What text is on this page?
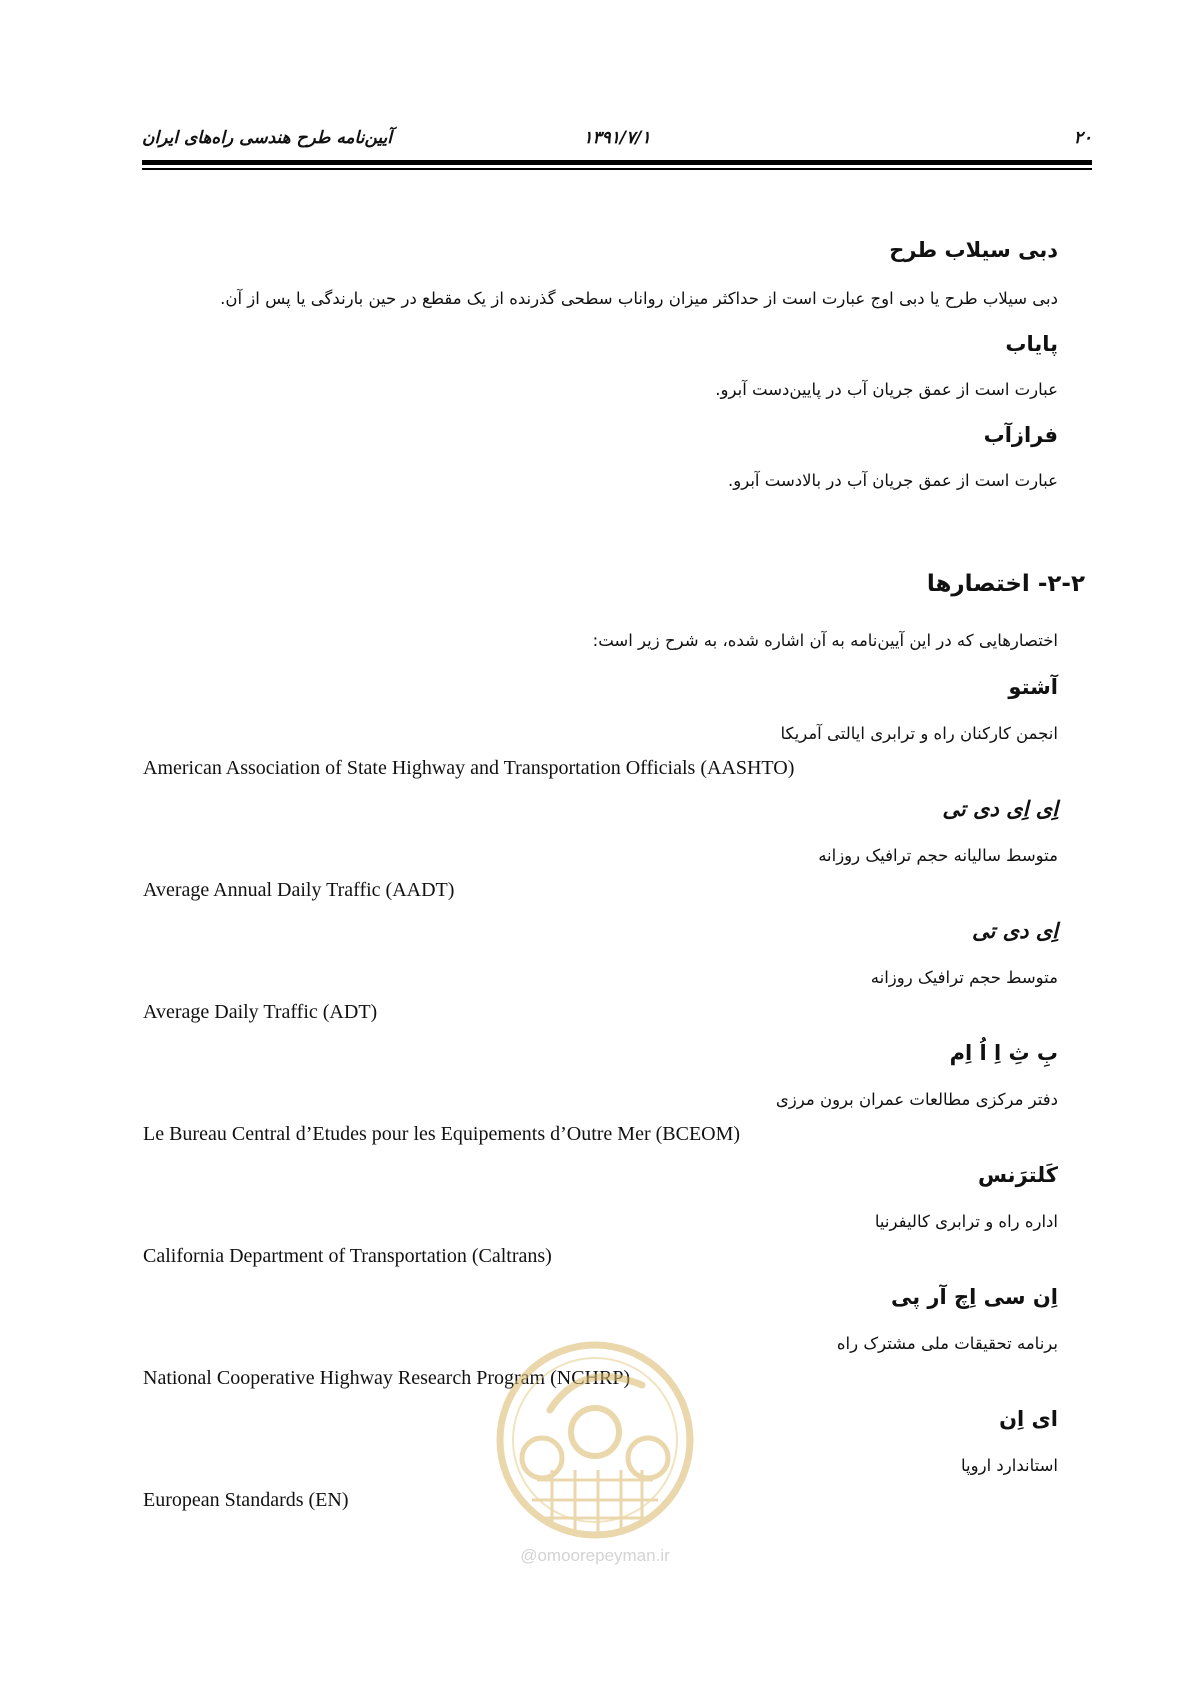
آیین‌نامه طرح هندسی راه‌های ایران	۱۳۹۱/۷/۱	۲۰
دبی سیلاب طرح
دبی سیلاب طرح یا دبی اوج عبارت است از حداکثر میزان رواناب سطحی گذرنده از یک مقطع در حین بارندگی یا پس از آن.
پایاب
عبارت است از عمق جریان آب در پایین‌دست آبرو.
فرازآب
عبارت است از عمق جریان آب در بالادست آبرو.
۲-۲- اختصارها
اختصارهایی که در این آیین‌نامه به آن اشاره شده، به شرح زیر است:
آشتو
انجمن کارکنان راه و ترابری ایالتی آمریکا
American Association of State Highway and Transportation Officials (AASHTO)
اِی اِی دی تی
متوسط سالیانه حجم ترافیک روزانه
Average Annual Daily Traffic (AADT)
اِی دی تی
متوسط حجم ترافیک روزانه
Average Daily Traffic (ADT)
بِ ثِ اِ اُ اِم
دفتر مرکزی مطالعات عمران برون مرزی
Le Bureau Central d’Etudes pour les Equipements d’Outre Mer (BCEOM)
کَلترَنس
اداره راه و ترابری کالیفرنیا
California Department of Transportation (Caltrans)
اِن سی اِچ آر پی
برنامه تحقیقات ملی مشترک راه
National Cooperative Highway Research Program (NCHRP)
ای اِن
استاندارد اروپا
European Standards (EN)
@omoorepeyman.ir
